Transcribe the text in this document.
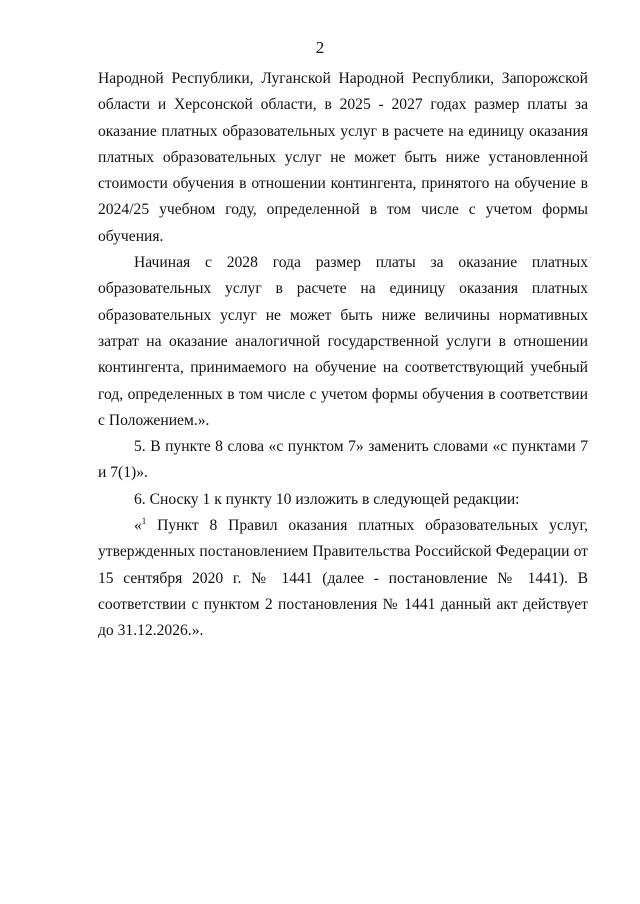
2

Народной Республики, Луганской Народной Республики, Запорожской области и Херсонской области, в 2025 - 2027 годах размер платы за оказание платных образовательных услуг в расчете на единицу оказания платных образовательных услуг не может быть ниже установленной стоимости обучения в отношении контингента, принятого на обучение в 2024/25 учебном году, определенной в том числе с учетом формы обучения.

Начиная с 2028 года размер платы за оказание платных образовательных услуг в расчете на единицу оказания платных образовательных услуг не может быть ниже величины нормативных затрат на оказание аналогичной государственной услуги в отношении контингента, принимаемого на обучение на соответствующий учебный год, определенных в том числе с учетом формы обучения в соответствии с Положением.».

5. В пункте 8 слова «с пунктом 7» заменить словами «с пунктами 7 и 7(1)».

6. Сноску 1 к пункту 10 изложить в следующей редакции:

«$^1$ Пункт 8 Правил оказания платных образовательных услуг, утвержденных постановлением Правительства Российской Федерации от 15 сентября 2020 г. № 1441 (далее - постановление № 1441). В соответствии с пунктом 2 постановления № 1441 данный акт действует до 31.12.2026.».
